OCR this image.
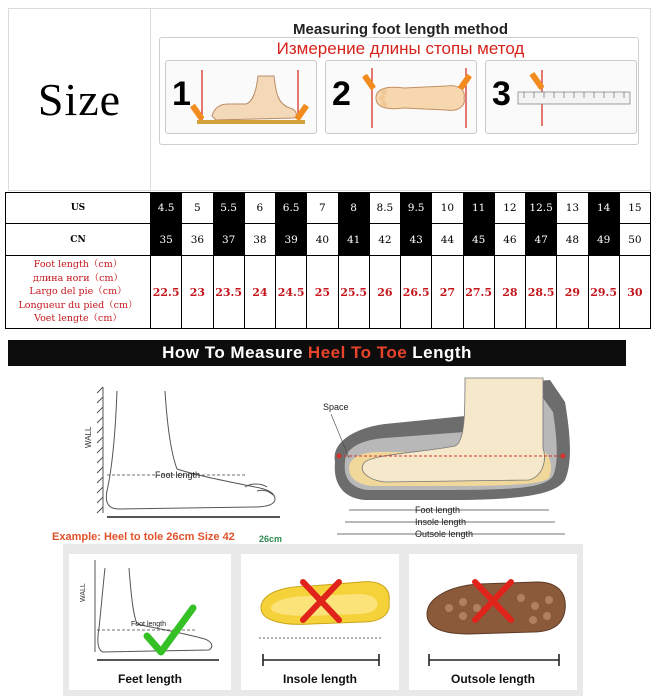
Size
Measuring foot length method
Измерение длины стопы метод
1	2	3
US	4.5	5	5.5	6	6.5	7	8	8.5	9.5	10	11	12	12.5	13	14	15
CN	35	36	37	38	39	40	41	42	43	44	45	46	47	48	49	50

Foot length（cm）
длина ноги（cm）
Largo del pie（cm）
Longueur du pied（cm）
Voet lengte（cm）	22.5	23	23.5	24	24.5	25	25.5	26	26.5	27	27.5	28	28.5	29	29.5	30
How To Measure Heel To Toe Length
WALL
Foot length
Space
Foot length
Insole length
Outsole length
Example: Heel to tole 26cm Size 42	26cm
WALL
Foot length
Feet length	Insole length	Outsole length
